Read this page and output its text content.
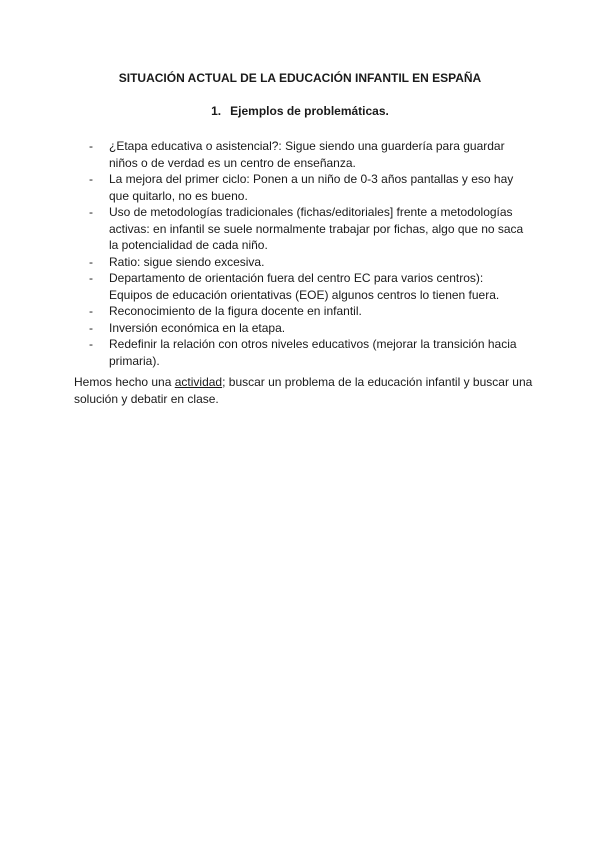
SITUACIÓN ACTUAL DE LA EDUCACIÓN INFANTIL EN ESPAÑA
1. Ejemplos de problemáticas.
- ¿Etapa educativa o asistencial?: Sigue siendo una guardería para guardar niños o de verdad es un centro de enseñanza.
- La mejora del primer ciclo: Ponen a un niño de 0-3 años pantallas y eso hay que quitarlo, no es bueno.
- Uso de metodologías tradicionales (fichas/editoriales] frente a metodologías activas: en infantil se suele normalmente trabajar por fichas, algo que no saca la potencialidad de cada niño.
- Ratio: sigue siendo excesiva.
- Departamento de orientación fuera del centro EC para varios centros): Equipos de educación orientativas (EOE) algunos centros lo tienen fuera.
- Reconocimiento de la figura docente en infantil.
- Inversión económica en la etapa.
- Redefinir la relación con otros niveles educativos (mejorar la transición hacia primaria).

Hemos hecho una actividad; buscar un problema de la educación infantil y buscar una solución y debatir en clase.
